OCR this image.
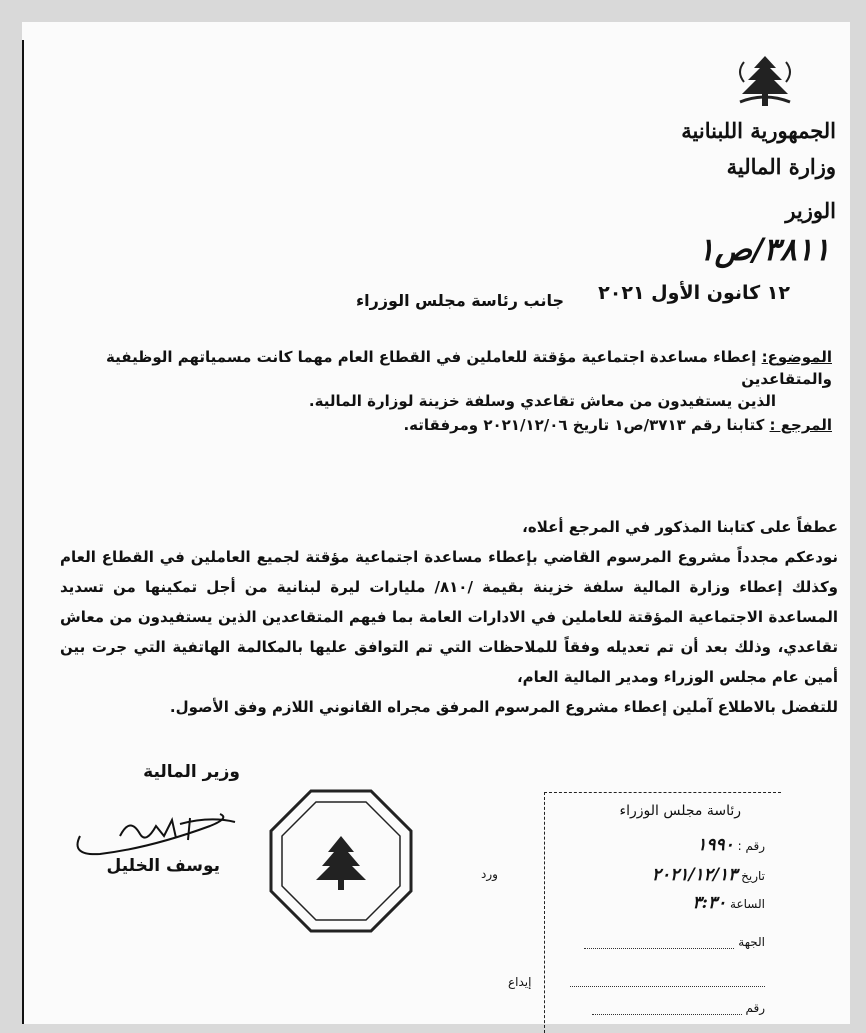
الجمهورية اللبنانية
وزارة المالية
الوزير
٣٨١١/ص١
١٢ كانون الأول ٢٠٢١
جانب رئاسة مجلس الوزراء
الموضوع: إعطاء مساعدة اجتماعية مؤقتة للعاملين في القطاع العام مهما كانت مسمياتهم الوظيفية والمتقاعدين
الذين يستفيدون من معاش تقاعدي وسلفة خزينة لوزارة المالية.
المرجع : كتابنا رقم ٣٧١٣/ص١ تاريخ ٢٠٢١/١٢/٠٦ ومرفقاته.

عطفاً على كتابنا المذكور في المرجع أعلاه،

نودعكم مجدداً مشروع المرسوم القاضي بإعطاء مساعدة اجتماعية مؤقتة لجميع العاملين في القطاع العام وكذلك إعطاء وزارة المالية سلفة خزينة بقيمة /٨١٠/ مليارات ليرة لبنانية من أجل تمكينها من تسديد المساعدة الاجتماعية المؤقتة للعاملين في الادارات العامة بما فيهم المتقاعدين الذين يستفيدون من معاش تقاعدي، وذلك بعد أن تم تعديله وفقاً للملاحظات التي تم التوافق عليها بالمكالمة الهاتفية التي جرت بين أمين عام مجلس الوزراء ومدير المالية العام،

للتفضل بالاطلاع آملين إعطاء مشروع المرسوم المرفق مجراه القانوني اللازم وفق الأصول.

وزير المالية
يوسف الخليل
رئاسة مجلس الوزراء
رقم : ١٩٩٠
تاريخ ٢٠٢١/١٢/١٣
الساعة ٣:٣٠
الجهة
رقم
ورد
إيداع
